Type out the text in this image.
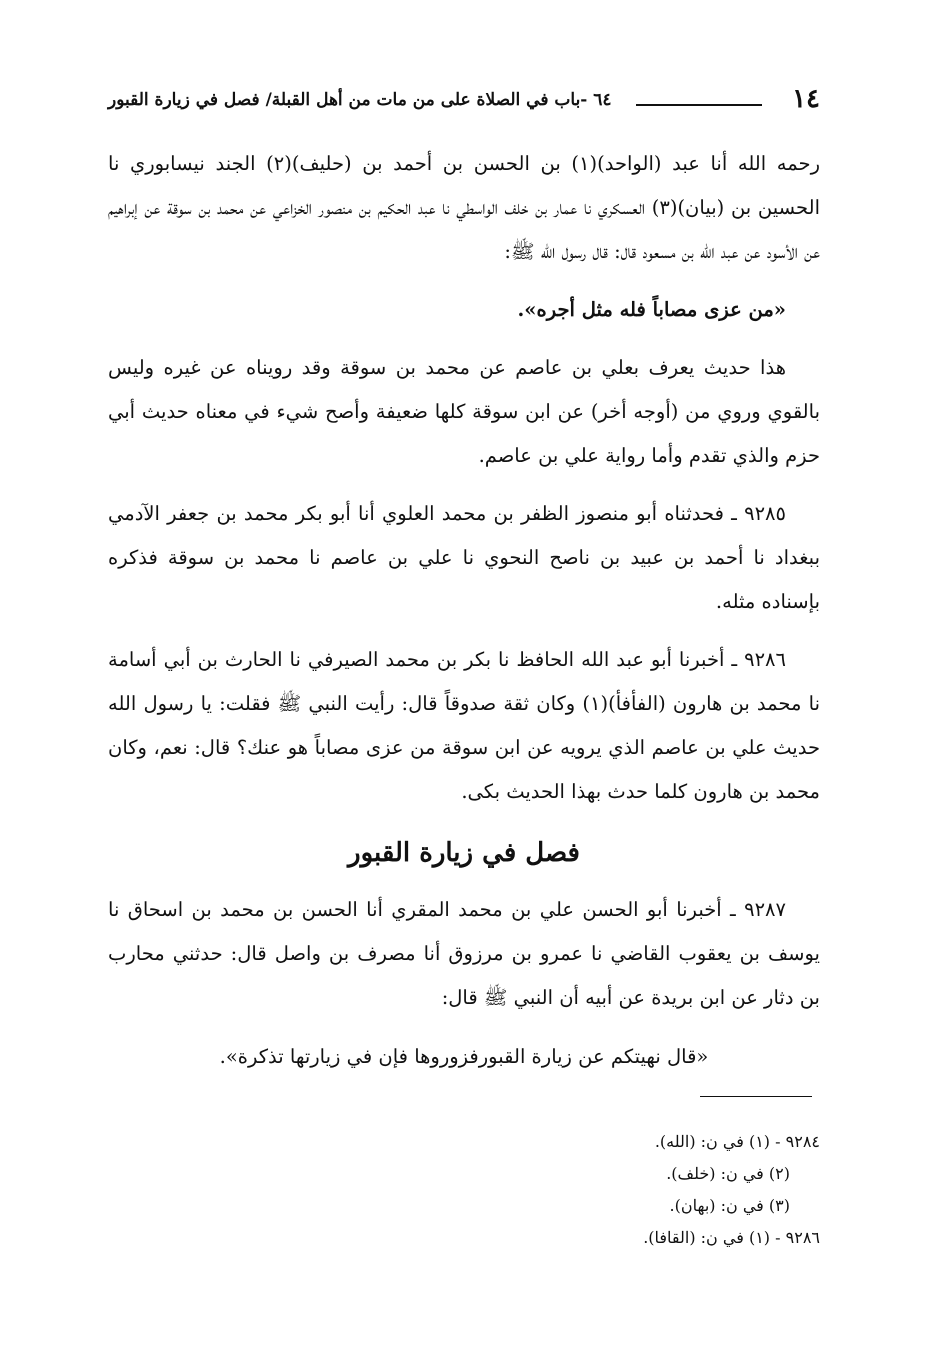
١٤
٦٤ -باب في الصلاة على من مات من أهل القبلة/ فصل في زيارة القبور

رحمه الله أنا عبد (الواحد)(١) بن الحسن بن أحمد بن (حليف)(٢) الجند نيسابوري نا الحسين بن (بيان)(٣) العسكري نا عمار بن خلف الواسطي نا عبد الحكيم بن منصور الخزاعي عن محمد بن سوقة عن إبراهيم عن الأسود عن عبد الله بن مسعود قال: قال رسول الله ﷺ:

«من عزى مصاباً فله مثل أجره».

هذا حديث يعرف بعلي بن عاصم عن محمد بن سوقة وقد رويناه عن غيره وليس بالقوي وروي من (أوجه أخر) عن ابن سوقة كلها ضعيفة وأصح شيء في معناه حديث أبي حزم والذي تقدم وأما رواية علي بن عاصم.

٩٢٨٥ ـ فحدثناه أبو منصوز الظفر بن محمد العلوي أنا أبو بكر محمد بن جعفر الآدمي ببغداد نا أحمد بن عبيد بن ناصح النحوي نا علي بن عاصم نا محمد بن سوقة فذكره بإسناده مثله.

٩٢٨٦ ـ أخبرنا أبو عبد الله الحافظ نا بكر بن محمد الصيرفي نا الحارث بن أبي أسامة نا محمد بن هارون (الفأفأ)(١) وكان ثقة صدوقاً قال: رأيت النبي ﷺ فقلت: يا رسول الله حديث علي بن عاصم الذي يرويه عن ابن سوقة من عزى مصاباً هو عنك؟ قال: نعم، وكان محمد بن هارون كلما حدث بهذا الحديث بكى.

فصل في زيارة القبور

٩٢٨٧ ـ أخبرنا أبو الحسن علي بن محمد المقري أنا الحسن بن محمد بن اسحاق نا يوسف بن يعقوب القاضي نا عمرو بن مرزوق أنا مصرف بن واصل قال: حدثني محارب بن دثار عن ابن بريدة عن أبيه أن النبي ﷺ قال:

«قال نهيتكم عن زيارة القبورفزوروها فإن في زيارتها تذكرة».

٩٢٨٤ - (١) في ن: (الله).

(٢) في ن: (خلف).

(٣) في ن: (بهان).

٩٢٨٦ - (١) في ن: (القافا).
